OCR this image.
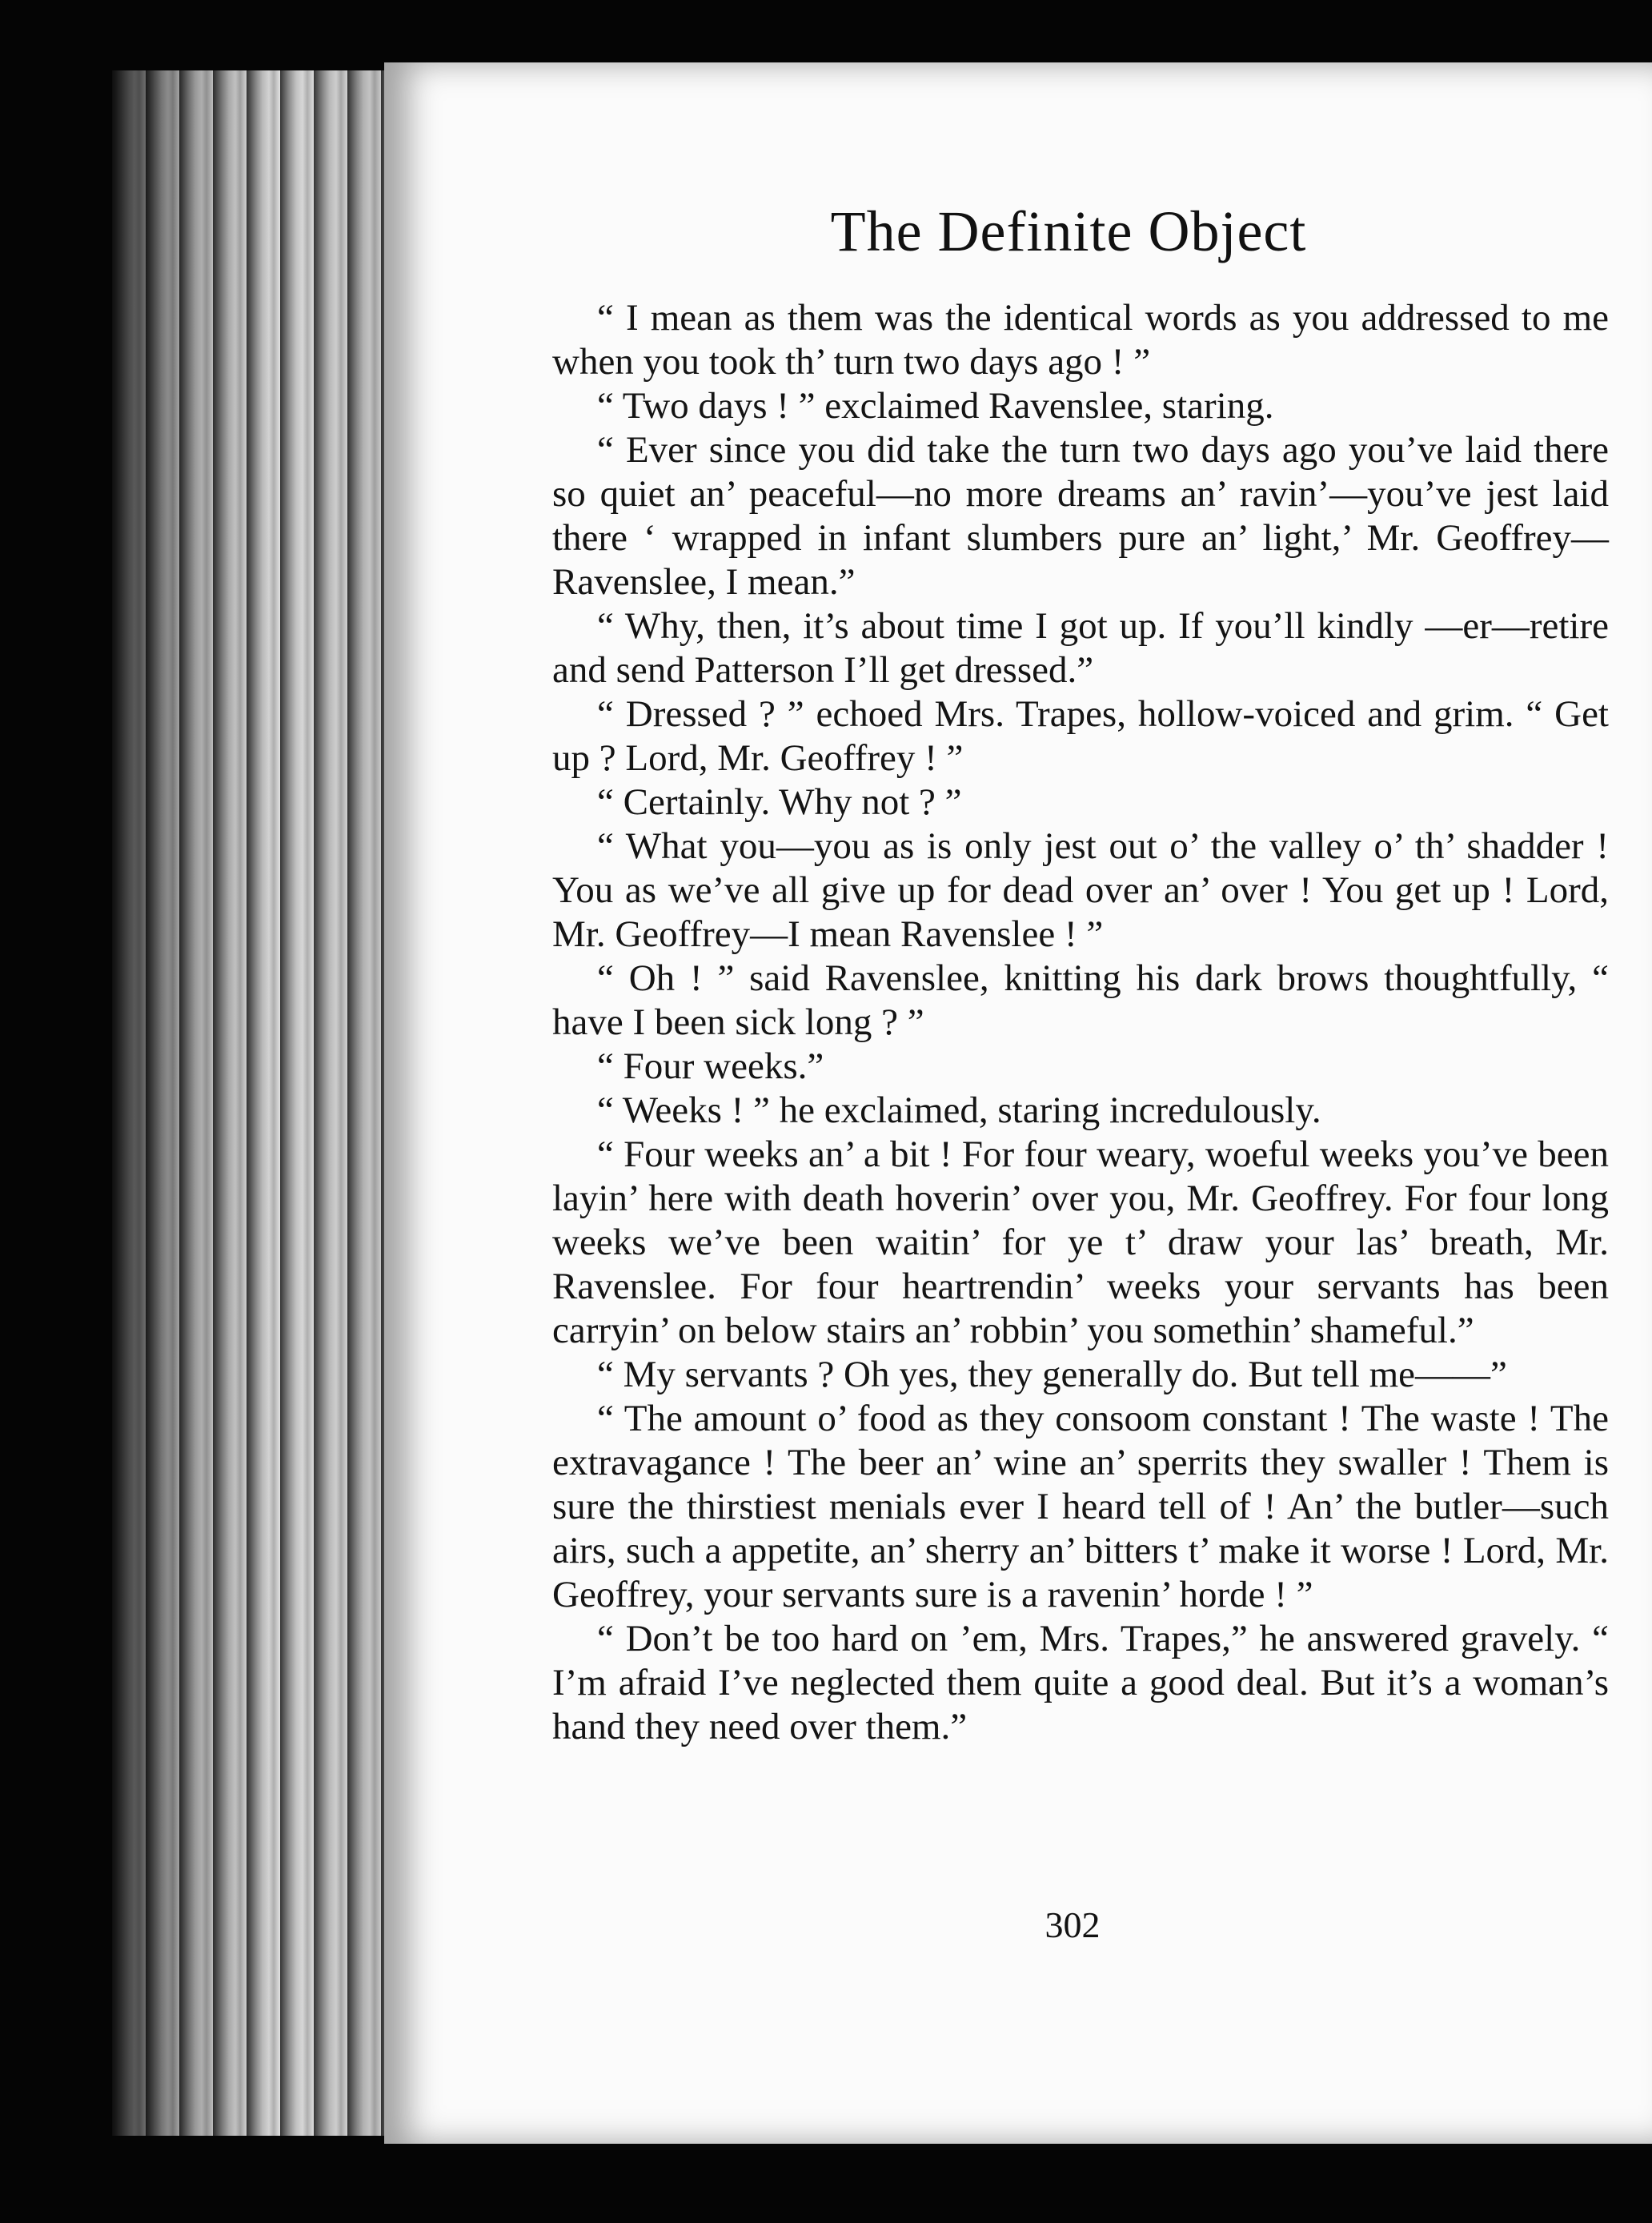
The Definite Object

“ I mean as them was the identical words as you addressed to me when you took th’ turn two days ago ! ”

“ Two days ! ” exclaimed Ravenslee, staring.

“ Ever since you did take the turn two days ago you’ve laid there so quiet an’ peaceful—no more dreams an’ ravin’—you’ve jest laid there ‘ wrapped in infant slumbers pure an’ light,’ Mr. Geoffrey—Ravenslee, I mean.”

“ Why, then, it’s about time I got up. If you’ll kindly —er—retire and send Patterson I’ll get dressed.”

“ Dressed ? ” echoed Mrs. Trapes, hollow-voiced and grim. “ Get up ? Lord, Mr. Geoffrey ! ”

“ Certainly. Why not ? ”

“ What you—you as is only jest out o’ the valley o’ th’ shadder ! You as we’ve all give up for dead over an’ over ! You get up ! Lord, Mr. Geoffrey—I mean Ravenslee ! ”

“ Oh ! ” said Ravenslee, knitting his dark brows thoughtfully, “ have I been sick long ? ”

“ Four weeks.”

“ Weeks ! ” he exclaimed, staring incredulously.

“ Four weeks an’ a bit ! For four weary, woeful weeks you’ve been layin’ here with death hoverin’ over you, Mr. Geoffrey. For four long weeks we’ve been waitin’ for ye t’ draw your las’ breath, Mr. Ravenslee. For four heartrendin’ weeks your servants has been carryin’ on below stairs an’ robbin’ you somethin’ shameful.”

“ My servants ? Oh yes, they generally do. But tell me——”

“ The amount o’ food as they consoom constant ! The waste ! The extravagance ! The beer an’ wine an’ sperrits they swaller ! Them is sure the thirstiest menials ever I heard tell of ! An’ the butler—such airs, such a appetite, an’ sherry an’ bitters t’ make it worse ! Lord, Mr. Geoffrey, your servants sure is a ravenin’ horde ! ”

“ Don’t be too hard on ’em, Mrs. Trapes,” he answered gravely. “ I’m afraid I’ve neglected them quite a good deal. But it’s a woman’s hand they need over them.”

302
